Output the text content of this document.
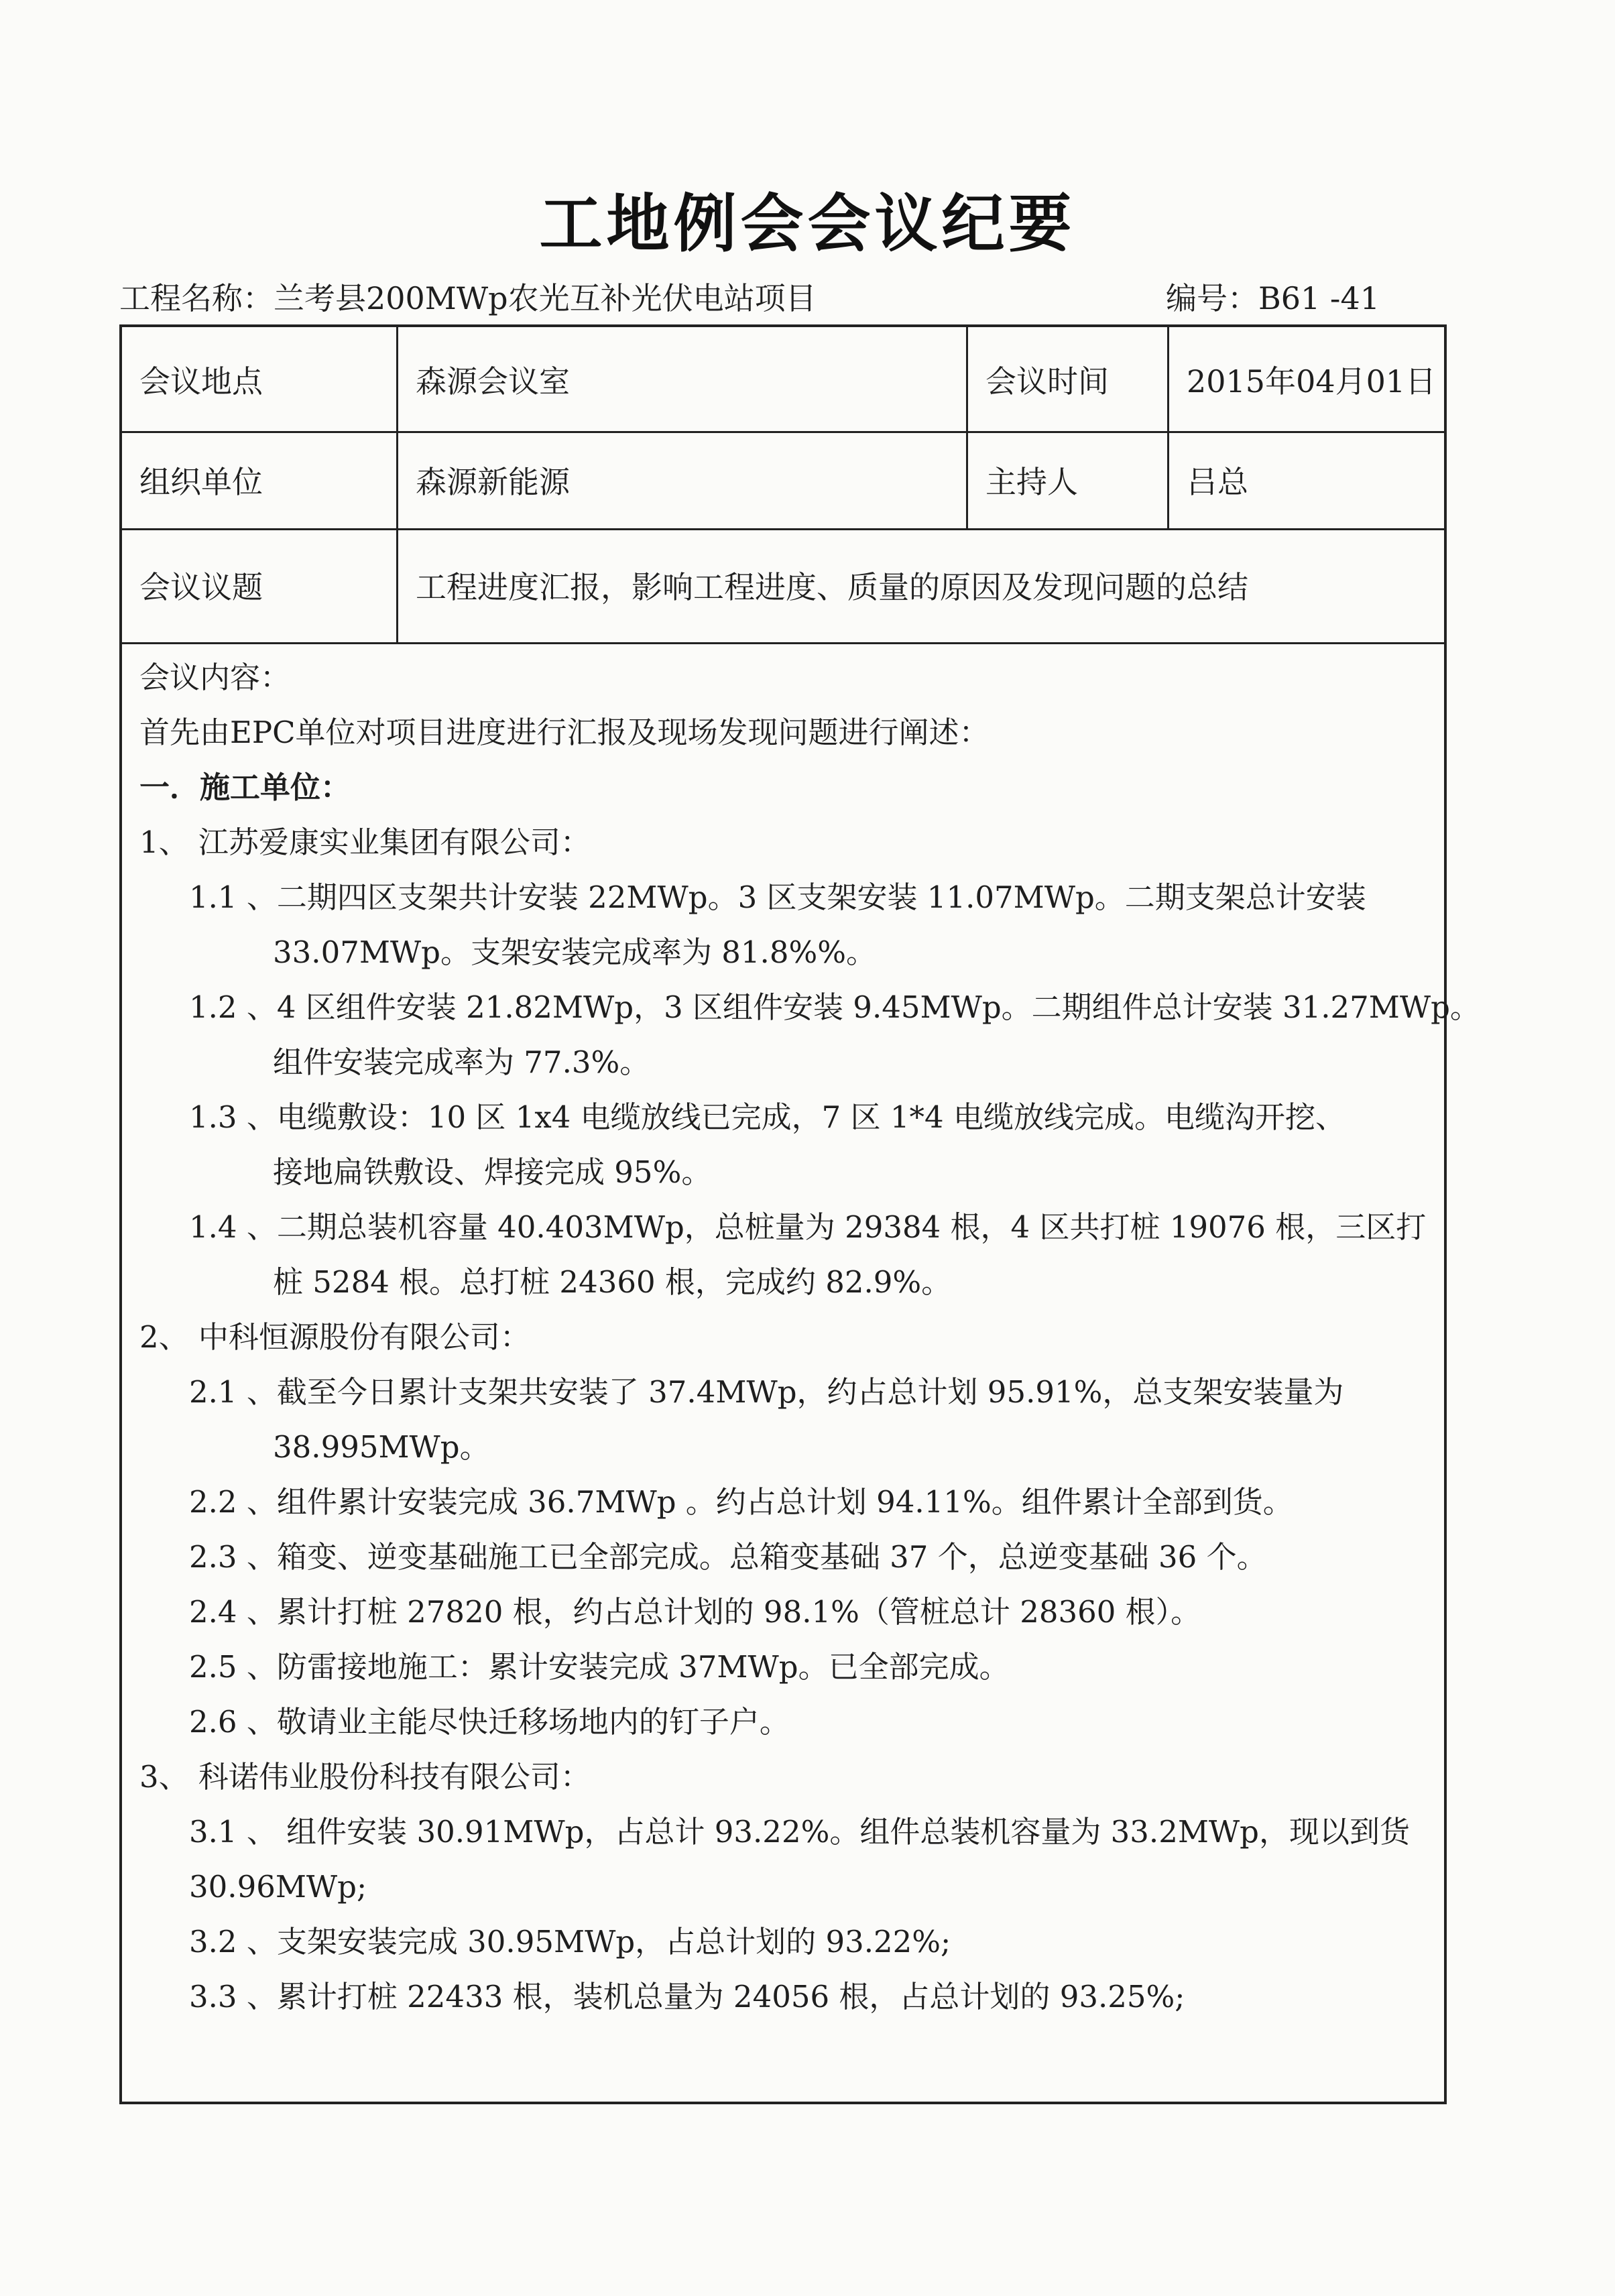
工地例会会议纪要
工程名称：兰考县200MWp农光互补光伏电站项目	编号：B61 -41
会议地点	森源会议室	会议时间	2015年04月01日
组织单位	森源新能源	主持人	吕总
会议议题	工程进度汇报，影响工程进度、质量的原因及发现问题的总结
会议内容：
首先由EPC单位对项目进度进行汇报及现场发现问题进行阐述：
一．施工单位：
1、 江苏爱康实业集团有限公司：
1.1 、二期四区支架共计安装 22MWp。3 区支架安装 11.07MWp。二期支架总计安装
33.07MWp。支架安装完成率为 81.8%%。
1.2 、4 区组件安装 21.82MWp，3 区组件安装 9.45MWp。二期组件总计安装 31.27MWp。
组件安装完成率为 77.3%。
1.3 、电缆敷设：10 区 1x4 电缆放线已完成，7 区 1*4 电缆放线完成。电缆沟开挖、
接地扁铁敷设、焊接完成 95%。
1.4 、二期总装机容量 40.403MWp，总桩量为 29384 根，4 区共打桩 19076 根，三区打
桩 5284 根。总打桩 24360 根，完成约 82.9%。
2、 中科恒源股份有限公司：
2.1 、截至今日累计支架共安装了 37.4MWp，约占总计划 95.91%，总支架安装量为
38.995MWp。
2.2 、组件累计安装完成 36.7MWp 。约占总计划 94.11%。组件累计全部到货。
2.3 、箱变、逆变基础施工已全部完成。总箱变基础 37 个，总逆变基础 36 个。
2.4 、累计打桩 27820 根，约占总计划的 98.1%（管桩总计 28360 根）。
2.5 、防雷接地施工：累计安装完成 37MWp。已全部完成。
2.6 、敬请业主能尽快迁移场地内的钉子户。
3、 科诺伟业股份科技有限公司：
3.1 、 组件安装 30.91MWp，占总计 93.22%。组件总装机容量为 33.2MWp，现以到货
30.96MWp;
3.2 、支架安装完成 30.95MWp，占总计划的 93.22%;
3.3 、累计打桩 22433 根，装机总量为 24056 根，占总计划的 93.25%;
